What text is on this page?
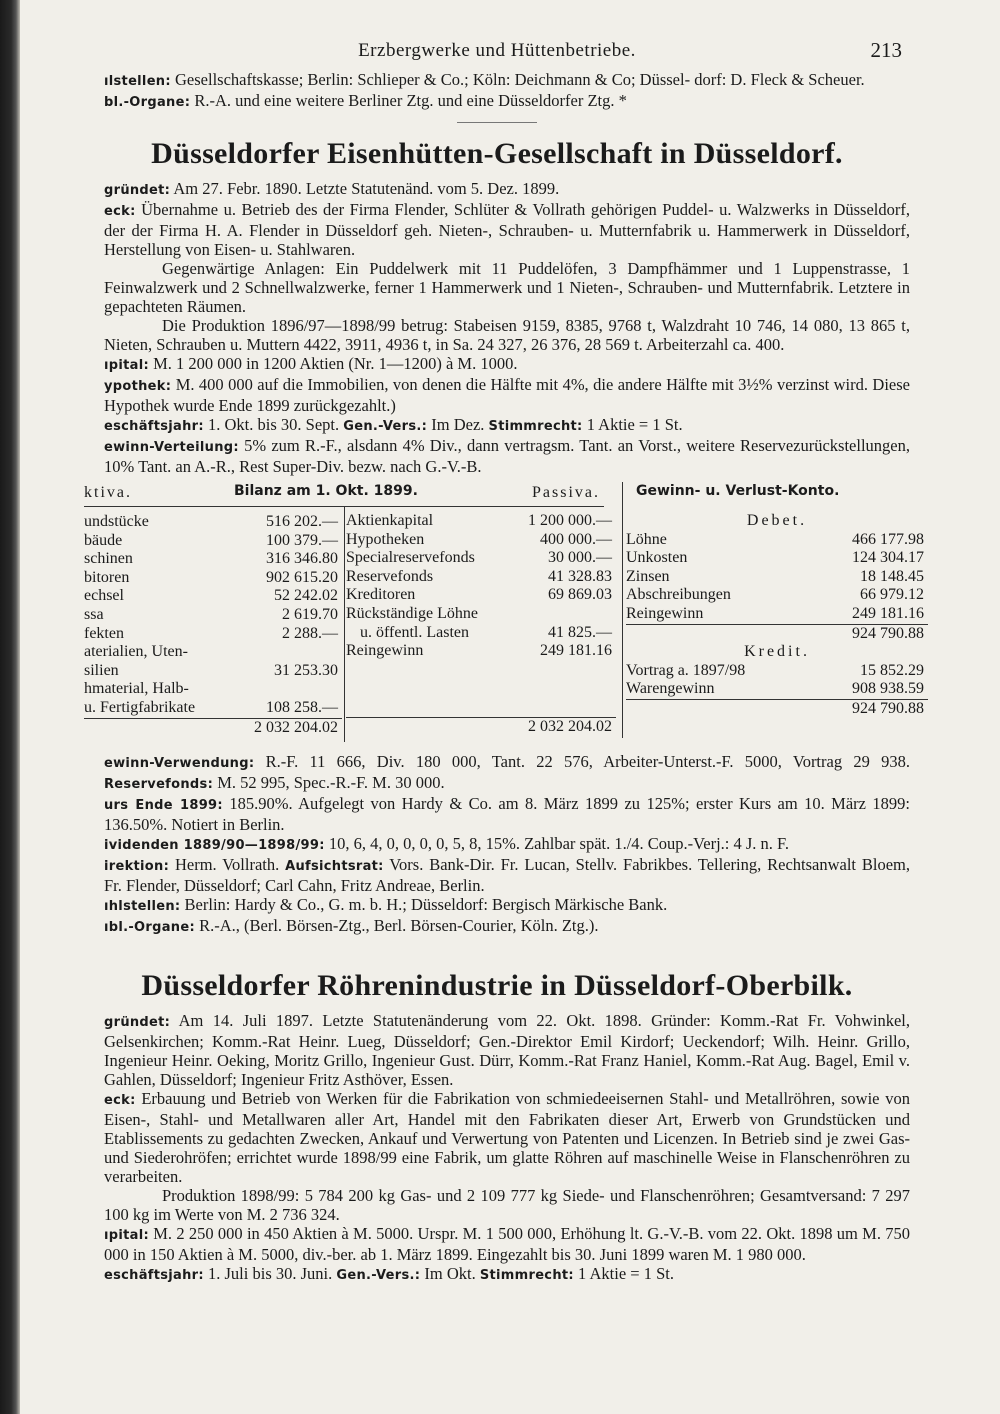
Erzbergwerke und Hüttenbetriebe.	213

ılstellen: Gesellschaftskasse; Berlin: Schlieper & Co.; Köln: Deichmann & Co; Düssel- dorf: D. Fleck & Scheuer.

bl.-Organe: R.-A. und eine weitere Berliner Ztg. und eine Düsseldorfer Ztg. *

Düsseldorfer Eisenhütten-Gesellschaft in Düsseldorf.

gründet: Am 27. Febr. 1890. Letzte Statutenänd. vom 5. Dez. 1899.

eck: Übernahme u. Betrieb des der Firma Flender, Schlüter & Vollrath gehörigen Puddel- u. Walzwerks in Düsseldorf, der der Firma H. A. Flender in Düsseldorf geh. Nieten-, Schrauben- u. Mutternfabrik u. Hammerwerk in Düsseldorf, Herstellung von Eisen- u. Stahlwaren.

Gegenwärtige Anlagen: Ein Puddelwerk mit 11 Puddelöfen, 3 Dampfhämmer und 1 Luppenstrasse, 1 Feinwalzwerk und 2 Schnellwalzwerke, ferner 1 Hammerwerk und 1 Nieten-, Schrauben- und Mutternfabrik. Letztere in gepachteten Räumen.

Die Produktion 1896/97—1898/99 betrug: Stabeisen 9159, 8385, 9768 t, Walzdraht 10 746, 14 080, 13 865 t, Nieten, Schrauben u. Muttern 4422, 3911, 4936 t, in Sa. 24 327, 26 376, 28 569 t. Arbeiterzahl ca. 400.

ıpital: M. 1 200 000 in 1200 Aktien (Nr. 1—1200) à M. 1000.

ypothek: M. 400 000 auf die Immobilien, von denen die Hälfte mit 4%, die andere Hälfte mit 3½% verzinst wird. Diese Hypothek wurde Ende 1899 zurückgezahlt.)

eschäftsjahr: 1. Okt. bis 30. Sept. Gen.-Vers.: Im Dez. Stimmrecht: 1 Aktie = 1 St.

ewinn-Verteilung: 5% zum R.-F., alsdann 4% Div., dann vertragsm. Tant. an Vorst., weitere Reservezurückstellungen, 10% Tant. an A.-R., Rest Super-Div. bezw. nach G.-V.-B.

ktiva.	Bilanz am 1. Okt. 1899.	Passiva.
undstücke	516 202.—
bäude	100 379.—
schinen	316 346.80
bitoren	902 615.20
echsel	52 242.02
ssa	2 619.70
fekten	2 288.—
aterialien, Uten-
silien	31 253.30
hmaterial, Halb-
u. Fertigfabrikate	108 258.—
2 032 204.02
Aktienkapital	1 200 000.—
Hypotheken	400 000.—
Specialreservefonds	30 000.—
Reservefonds	41 328.83
Kreditoren	69 869.03
Rückständige Löhne
u. öffentl. Lasten	41 825.—
Reingewinn	249 181.16
2 032 204.02
Gewinn- u. Verlust-Konto.
Debet.
Löhne	466 177.98
Unkosten	124 304.17
Zinsen	18 148.45
Abschreibungen	66 979.12
Reingewinn	249 181.16
924 790.88
Kredit.
Vortrag a. 1897/98	15 852.29
Warengewinn	908 938.59
924 790.88

ewinn-Verwendung: R.-F. 11 666, Div. 180 000, Tant. 22 576, Arbeiter-Unterst.-F. 5000, Vortrag 29 938. Reservefonds: M. 52 995, Spec.-R.-F. M. 30 000.

urs Ende 1899: 185.90%. Aufgelegt von Hardy & Co. am 8. März 1899 zu 125%; erster Kurs am 10. März 1899: 136.50%. Notiert in Berlin.

ividenden 1889/90—1898/99: 10, 6, 4, 0, 0, 0, 0, 5, 8, 15%. Zahlbar spät. 1./4. Coup.-Verj.: 4 J. n. F.

irektion: Herm. Vollrath. Aufsichtsrat: Vors. Bank-Dir. Fr. Lucan, Stellv. Fabrikbes. Tellering, Rechtsanwalt Bloem, Fr. Flender, Düsseldorf; Carl Cahn, Fritz Andreae, Berlin.

ıhlstellen: Berlin: Hardy & Co., G. m. b. H.; Düsseldorf: Bergisch Märkische Bank.

ıbl.-Organe: R.-A., (Berl. Börsen-Ztg., Berl. Börsen-Courier, Köln. Ztg.).

Düsseldorfer Röhrenindustrie in Düsseldorf-Oberbilk.

gründet: Am 14. Juli 1897. Letzte Statutenänderung vom 22. Okt. 1898. Gründer: Komm.-Rat Fr. Vohwinkel, Gelsenkirchen; Komm.-Rat Heinr. Lueg, Düsseldorf; Gen.-Direktor Emil Kirdorf; Ueckendorf; Wilh. Heinr. Grillo, Ingenieur Heinr. Oeking, Moritz Grillo, Ingenieur Gust. Dürr, Komm.-Rat Franz Haniel, Komm.-Rat Aug. Bagel, Emil v. Gahlen, Düsseldorf; Ingenieur Fritz Asthöver, Essen.

eck: Erbauung und Betrieb von Werken für die Fabrikation von schmiedeeisernen Stahl- und Metallröhren, sowie von Eisen-, Stahl- und Metallwaren aller Art, Handel mit den Fabrikaten dieser Art, Erwerb von Grundstücken und Etablissements zu gedachten Zwecken, Ankauf und Verwertung von Patenten und Licenzen. In Betrieb sind je zwei Gas- und Siederohröfen; errichtet wurde 1898/99 eine Fabrik, um glatte Röhren auf maschinelle Weise in Flanschenröhren zu verarbeiten.

Produktion 1898/99: 5 784 200 kg Gas- und 2 109 777 kg Siede- und Flanschenröhren; Gesamtversand: 7 297 100 kg im Werte von M. 2 736 324.

ıpital: M. 2 250 000 in 450 Aktien à M. 5000. Urspr. M. 1 500 000, Erhöhung lt. G.-V.-B. vom 22. Okt. 1898 um M. 750 000 in 150 Aktien à M. 5000, div.-ber. ab 1. März 1899. Eingezahlt bis 30. Juni 1899 waren M. 1 980 000.

eschäftsjahr: 1. Juli bis 30. Juni. Gen.-Vers.: Im Okt. Stimmrecht: 1 Aktie = 1 St.
